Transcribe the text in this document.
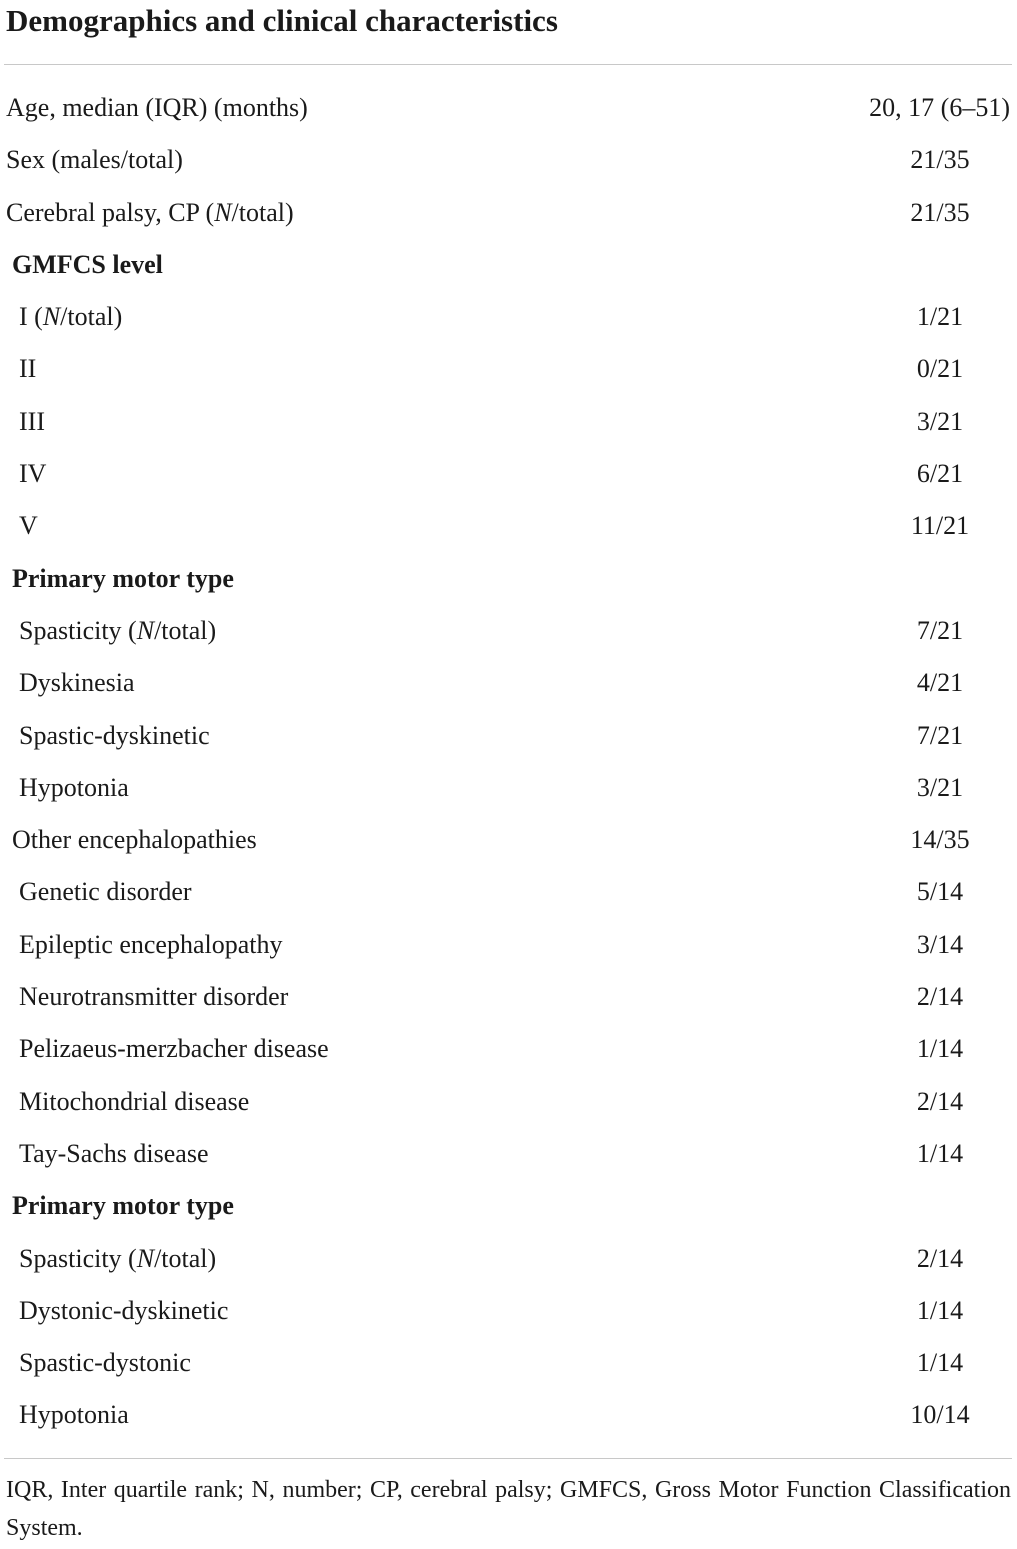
Demographics and clinical characteristics
Age, median (IQR) (months)	20, 17 (6–51)
Sex (males/total)	21/35
Cerebral palsy, CP (N/total)	21/35
GMFCS level
I (N/total)	1/21
II	0/21
III	3/21
IV	6/21
V	11/21
Primary motor type
Spasticity (N/total)	7/21
Dyskinesia	4/21
Spastic-dyskinetic	7/21
Hypotonia	3/21
Other encephalopathies	14/35
Genetic disorder	5/14
Epileptic encephalopathy	3/14
Neurotransmitter disorder	2/14
Pelizaeus-merzbacher disease	1/14
Mitochondrial disease	2/14
Tay-Sachs disease	1/14
Primary motor type
Spasticity (N/total)	2/14
Dystonic-dyskinetic	1/14
Spastic-dystonic	1/14
Hypotonia	10/14
IQR, Inter quartile rank; N, number; CP, cerebral palsy; GMFCS, Gross Motor Function Classification System.
